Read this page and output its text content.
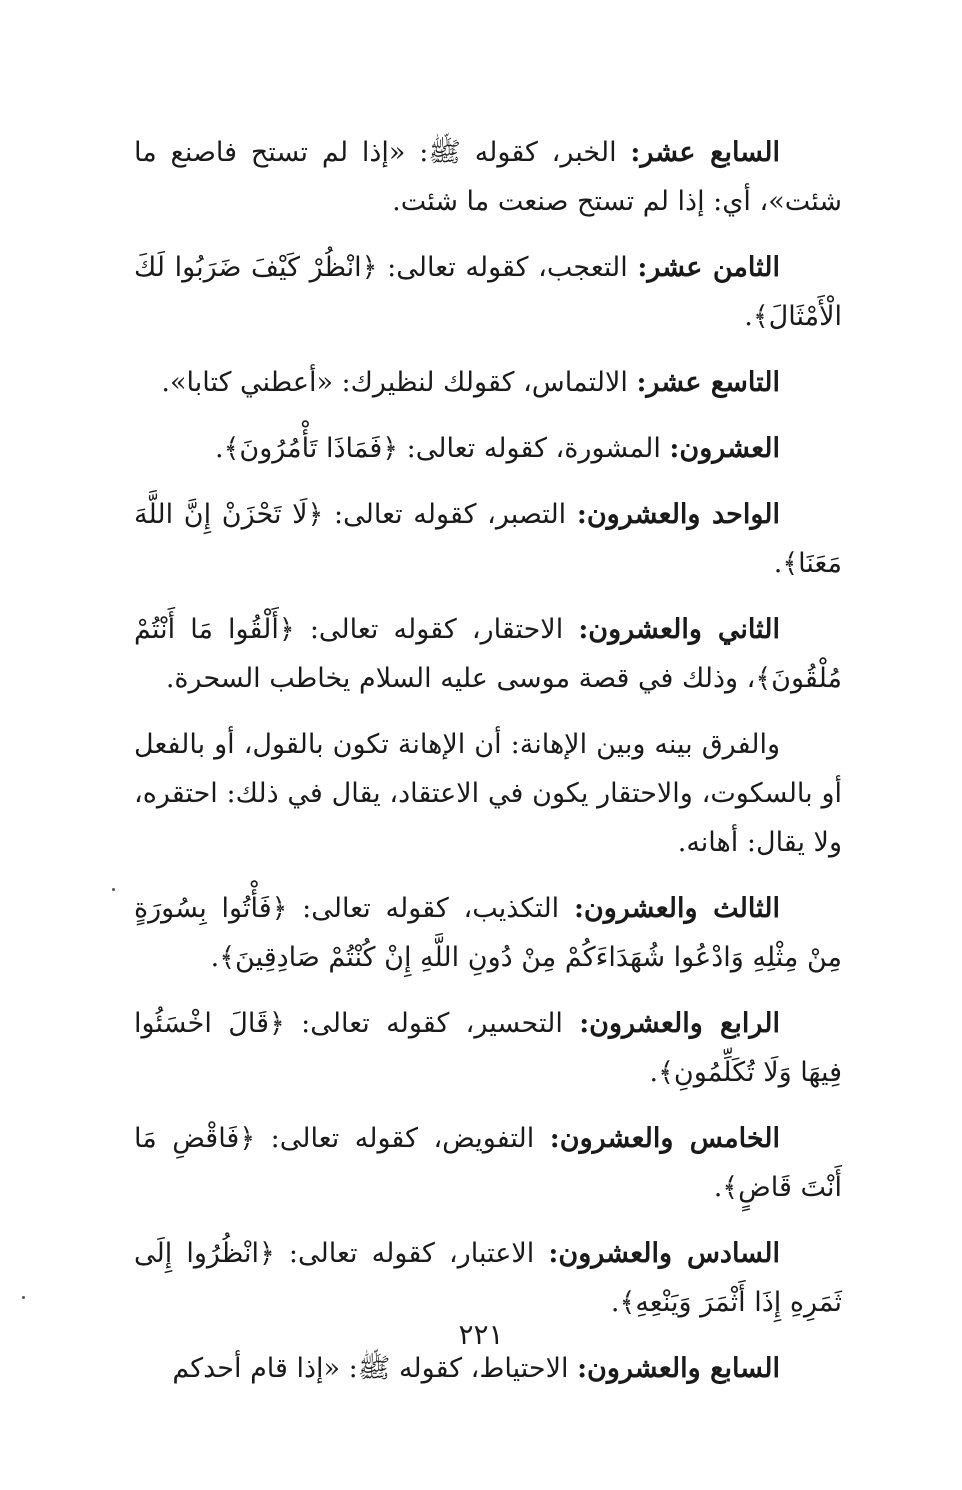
السابع عشر: الخبر، كقوله ﷺ: «إذا لم تستح فاصنع ما شئت»، أي: إذا لم تستح صنعت ما شئت.

الثامن عشر: التعجب، كقوله تعالى: ﴿انْظُرْ كَيْفَ ضَرَبُوا لَكَ الْأَمْثَالَ﴾.

التاسع عشر: الالتماس، كقولك لنظيرك: «أعطني كتابا».

العشرون: المشورة، كقوله تعالى: ﴿فَمَاذَا تَأْمُرُونَ﴾.

الواحد والعشرون: التصبر، كقوله تعالى: ﴿لَا تَحْزَنْ إِنَّ اللَّهَ مَعَنَا﴾.

الثاني والعشرون: الاحتقار، كقوله تعالى: ﴿أَلْقُوا مَا أَنْتُمْ مُلْقُونَ﴾، وذلك في قصة موسى عليه السلام يخاطب السحرة.

والفرق بينه وبين الإهانة: أن الإهانة تكون بالقول، أو بالفعل أو بالسكوت، والاحتقار يكون في الاعتقاد، يقال في ذلك: احتقره، ولا يقال: أهانه.

الثالث والعشرون: التكذيب، كقوله تعالى: ﴿فَأْتُوا بِسُورَةٍ مِنْ مِثْلِهِ وَادْعُوا شُهَدَاءَكُمْ مِنْ دُونِ اللَّهِ إِنْ كُنْتُمْ صَادِقِينَ﴾.

الرابع والعشرون: التحسير، كقوله تعالى: ﴿قَالَ اخْسَئُوا فِيهَا وَلَا تُكَلِّمُونِ﴾.

الخامس والعشرون: التفويض، كقوله تعالى: ﴿فَاقْضِ مَا أَنْتَ قَاضٍ﴾.

السادس والعشرون: الاعتبار، كقوله تعالى: ﴿انْظُرُوا إِلَى ثَمَرِهِ إِذَا أَثْمَرَ وَيَنْعِهِ﴾.

السابع والعشرون: الاحتياط، كقوله ﷺ: «إذا قام أحدكم

٢٢١
